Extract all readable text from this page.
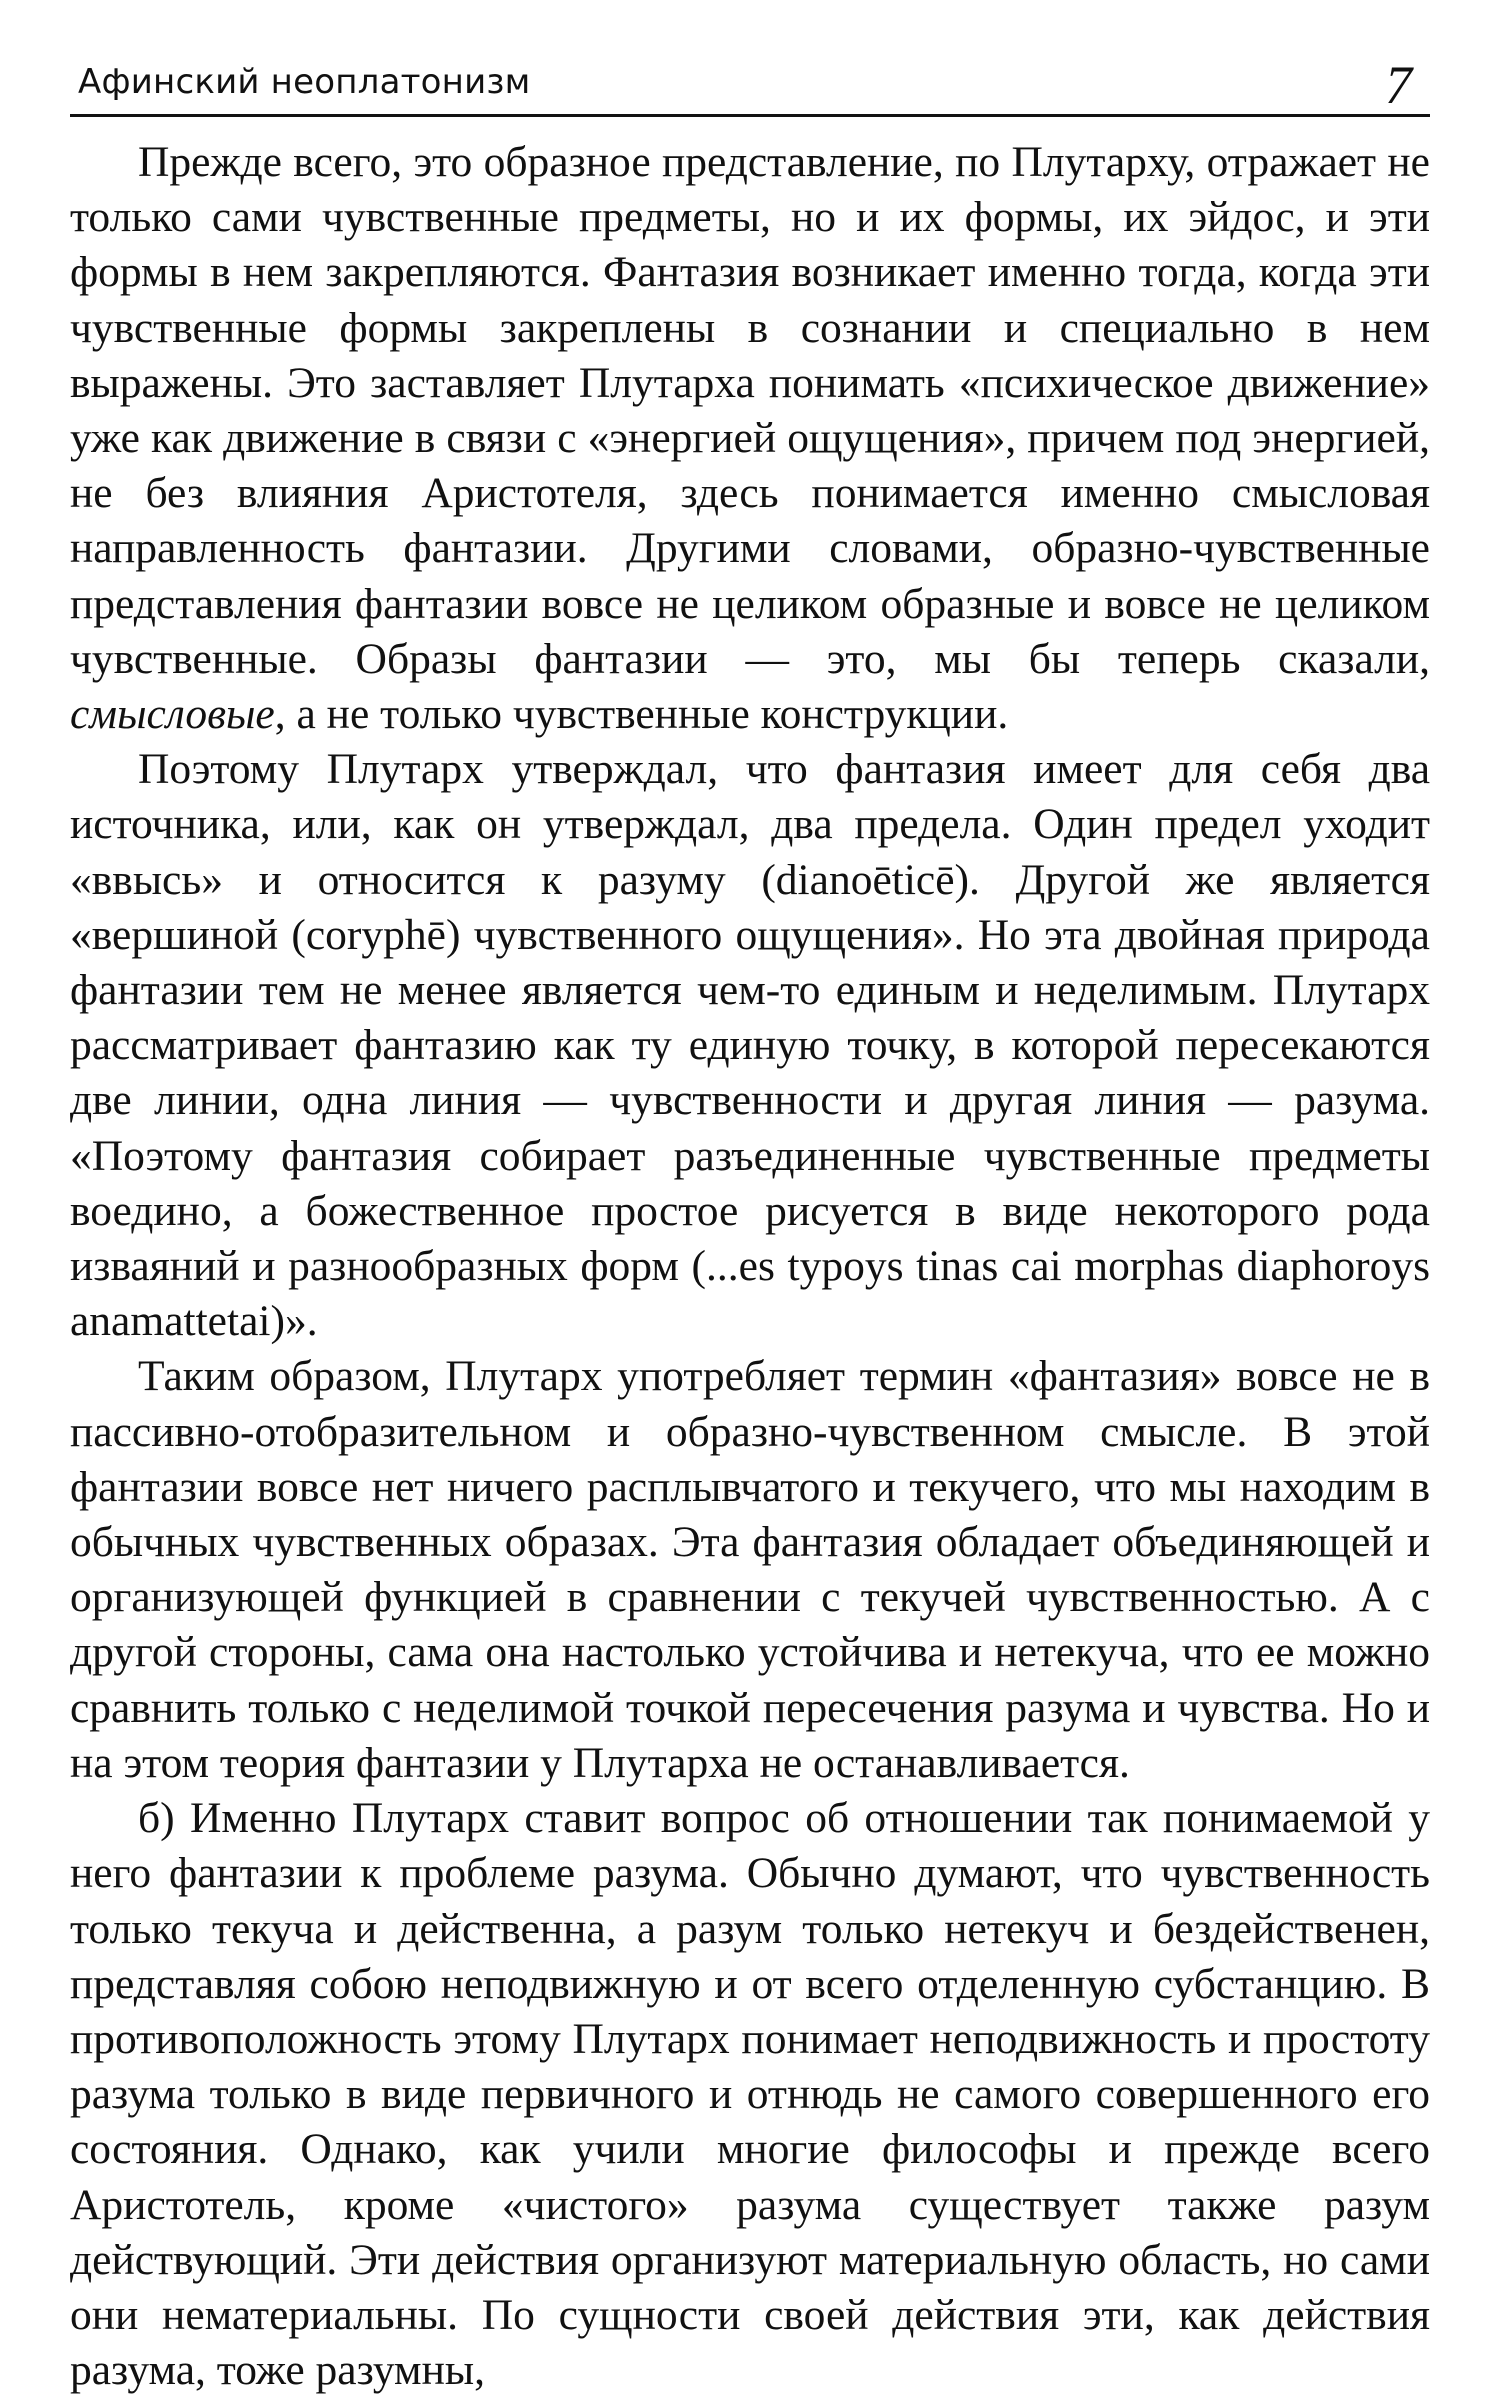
Афинский неоплатонизм	7

Прежде всего, это образное представление, по Плутарху, отражает не только сами чувственные предметы, но и их формы, их эйдос, и эти формы в нем закрепляются. Фантазия возникает именно тогда, когда эти чувственные формы закреплены в сознании и специально в нем выражены. Это заставляет Плутарха понимать «психическое движение» уже как движение в связи с «энергией ощущения», причем под энергией, не без влияния Аристотеля, здесь понимается именно смысловая направленность фантазии. Другими словами, образно-чувственные представления фантазии вовсе не целиком образные и вовсе не целиком чувственные. Образы фантазии — это, мы бы теперь сказали, смысловые, а не только чувственные конструкции.

Поэтому Плутарх утверждал, что фантазия имеет для себя два источника, или, как он утверждал, два предела. Один предел уходит «ввысь» и относится к разуму (dianoēticē). Другой же является «вершиной (coryphē) чувственного ощущения». Но эта двойная природа фантазии тем не менее является чем-то единым и неделимым. Плутарх рассматривает фантазию как ту единую точку, в которой пересекаются две линии, одна линия — чувственности и другая линия — разума. «Поэтому фантазия собирает разъединенные чувственные предметы воедино, а божественное простое рисуется в виде некоторого рода изваяний и разнообразных форм (...es typoys tinas cai morphas diaphoroys anamattetai)».

Таким образом, Плутарх употребляет термин «фантазия» вовсе не в пассивно-отобразительном и образно-чувственном смысле. В этой фантазии вовсе нет ничего расплывчатого и текучего, что мы находим в обычных чувственных образах. Эта фантазия обладает объединяющей и организующей функцией в сравнении с текучей чувственностью. А с другой стороны, сама она настолько устойчива и нетекуча, что ее можно сравнить только с неделимой точкой пересечения разума и чувства. Но и на этом теория фантазии у Плутарха не останавливается.

б) Именно Плутарх ставит вопрос об отношении так понимаемой у него фантазии к проблеме разума. Обычно думают, что чувственность только текуча и действенна, а разум только нетекуч и бездейственен, представляя собою неподвижную и от всего отделенную субстанцию. В противоположность этому Плутарх понимает неподвижность и простоту разума только в виде первичного и отнюдь не самого совершенного его состояния. Однако, как учили многие философы и прежде всего Аристотель, кроме «чистого» разума существует также разум действующий. Эти действия организуют материальную область, но сами они нематериальны. По сущности своей действия эти, как действия разума, тоже разумны,
